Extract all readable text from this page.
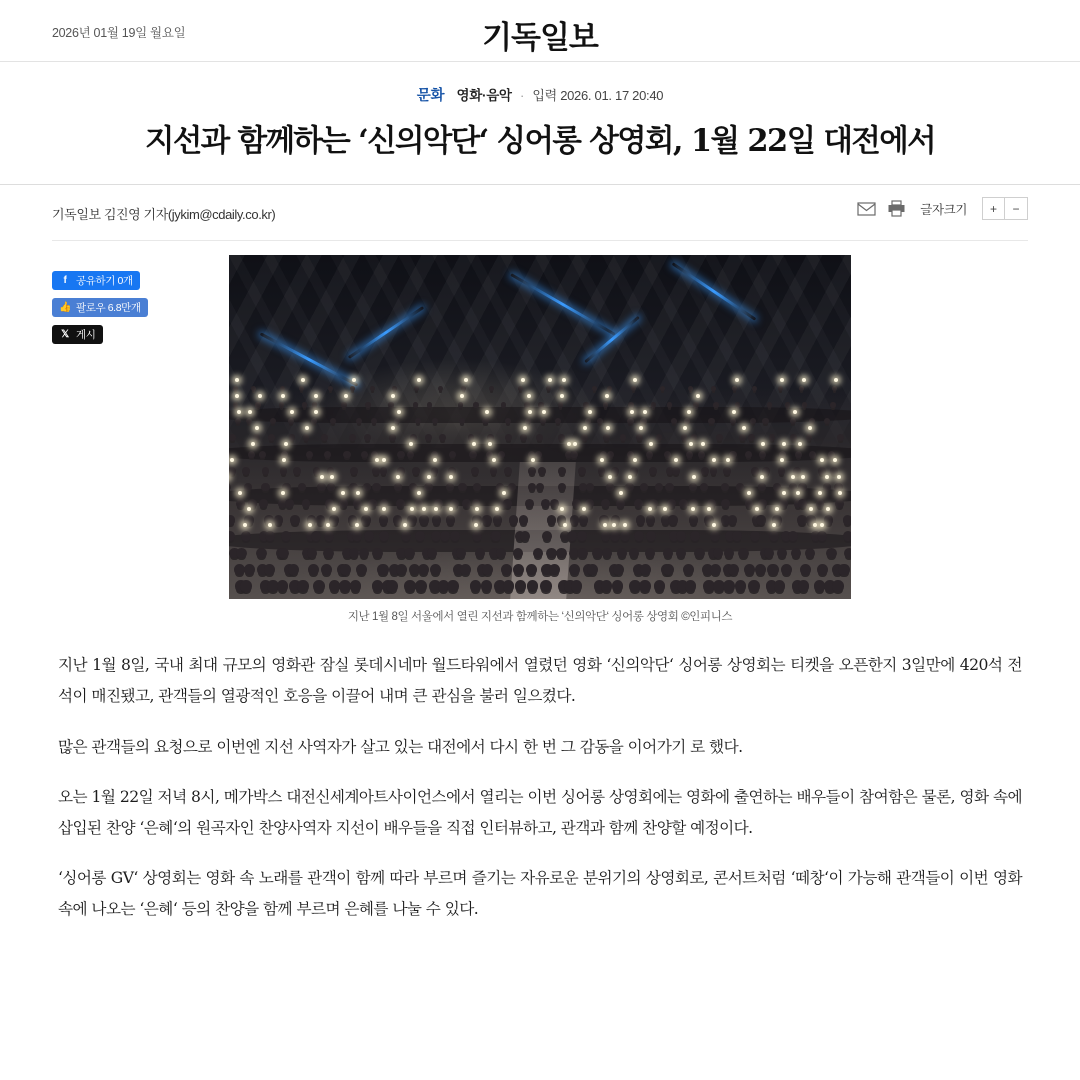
2026년 01월 19일 월요일	기독일보
문화 영화·음악 · 입력 2026. 01. 17 20:40
지선과 함께하는 ‘신의악단‘ 싱어롱 상영회, 1월 22일 대전에서
기독일보 김진영 기자(jykim@cdaily.co.kr)	글자크기	+	−
f 공유하기 0개
👍 팔로우 6.8만개
𝕏 게시
지난 1월 8일 서울에서 열린 지선과 함께하는 ‘신의악단‘ 싱어롱 상영회 ©인피니스

지난 1월 8일, 국내 최대 규모의 영화관 잠실 롯데시네마 월드타워에서 열렸던 영화 ‘신의악단‘ 싱어롱 상영회는 티켓을 오픈한지 3일만에 420석 전석이 매진됐고, 관객들의 열광적인 호응을 이끌어 내며 큰 관심을 불러 일으켰다.

많은 관객들의 요청으로 이번엔 지선 사역자가 살고 있는 대전에서 다시 한 번 그 감동을 이어가기 로 했다.

오는 1월 22일 저녁 8시, 메가박스 대전신세계아트사이언스에서 열리는 이번 싱어롱 상영회에는 영화에 출연하는 배우들이 참여함은 물론, 영화 속에 삽입된 찬양 ‘은혜‘의 원곡자인 찬양사역자 지선이 배우들을 직접 인터뷰하고, 관객과 함께 찬양할 예정이다.

‘싱어롱 GV‘ 상영회는 영화 속 노래를 관객이 함께 따라 부르며 즐기는 자유로운 분위기의 상영회로, 콘서트처럼 ‘떼창‘이 가능해 관객들이 이번 영화속에 나오는 ‘은혜‘ 등의 찬양을 함께 부르며 은혜를 나눌 수 있다.
